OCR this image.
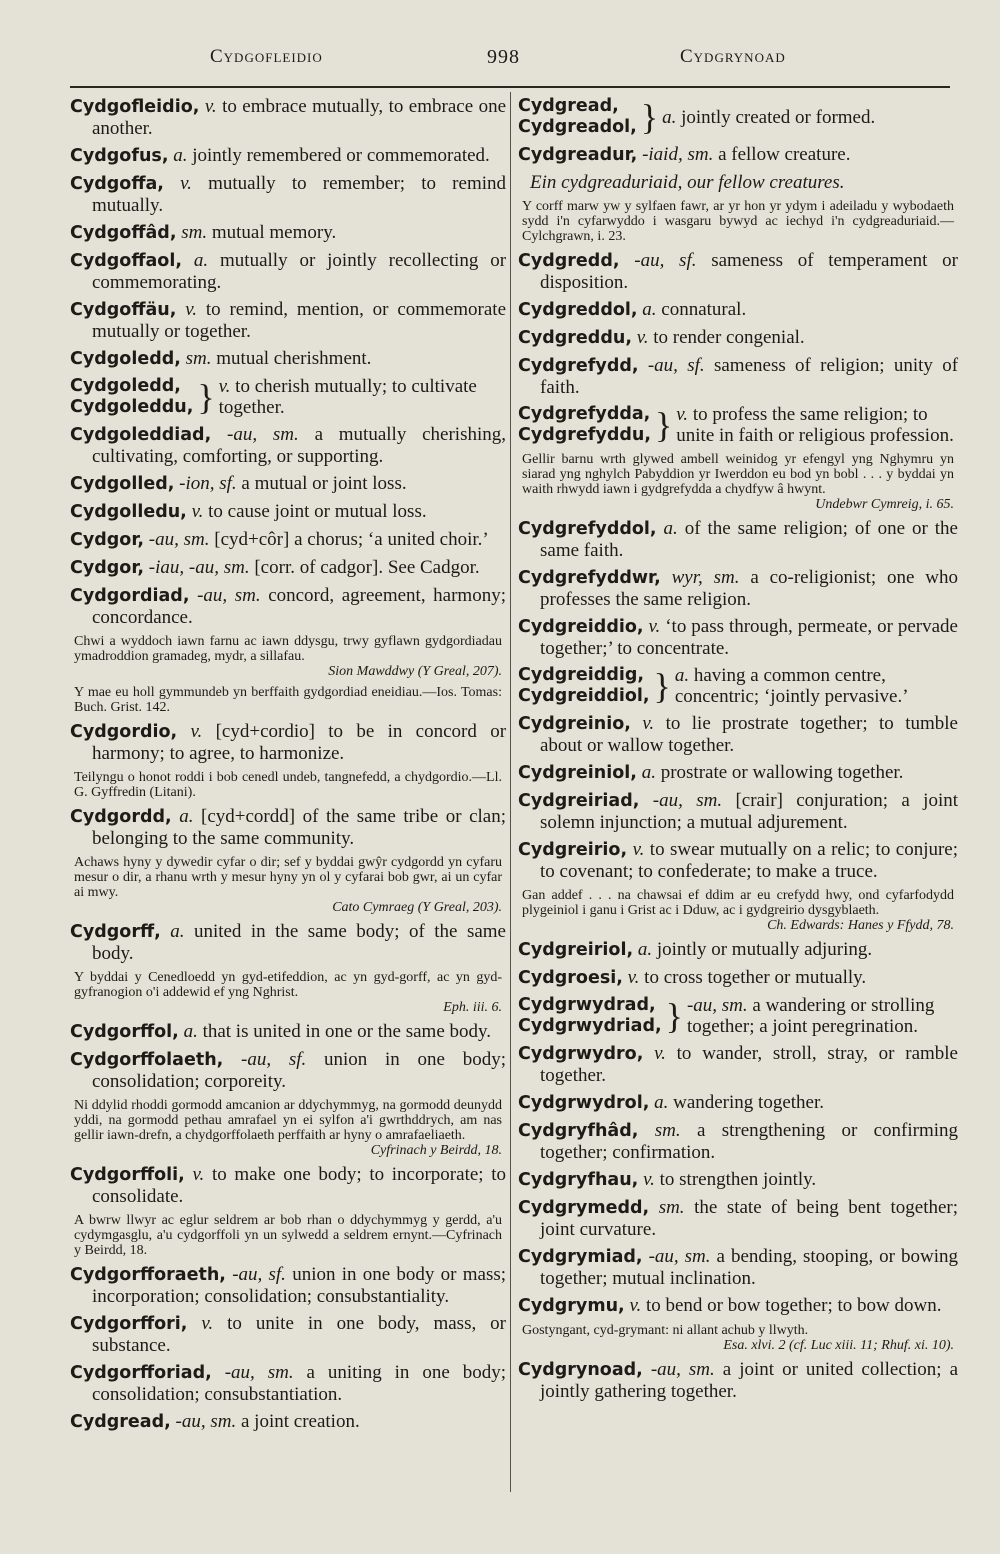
Cydgofleidio	998	Cydgrynoad
Cydgofleidio, v. to embrace mutually, to embrace one another.
Cydgofus, a. jointly remembered or commemorated.
Cydgoffa, v. mutually to remember; to remind mutually.
Cydgoffâd, sm. mutual memory.
Cydgoffaol, a. mutually or jointly recollecting or commemorating.
Cydgoffäu, v. to remind, mention, or commemorate mutually or together.
Cydgoledd, sm. mutual cherishment.
Cydgoledd,
Cydgoleddu, } v. to cherish mutually; to cultivate together.
Cydgoleddiad, -au, sm. a mutually cherishing, cultivating, comforting, or supporting.
Cydgolled, -ion, sf. a mutual or joint loss.
Cydgolledu, v. to cause joint or mutual loss.
Cydgor, -au, sm. [cyd+côr] a chorus; ‘a united choir.’
Cydgor, -iau, -au, sm. [corr. of cadgor]. See Cadgor.
Cydgordiad, -au, sm. concord, agreement, harmony; concordance.
Chwi a wyddoch iawn farnu ac iawn ddysgu, trwy gyflawn gydgordiadau ymadroddion gramadeg, mydr, a sillafau.
Sion Mawddwy (Y Greal, 207).
Y mae eu holl gymmundeb yn berffaith gydgordiad eneidiau.—Ios. Tomas: Buch. Grist. 142.
Cydgordio, v. [cyd+cordio] to be in concord or harmony; to agree, to harmonize.
Teilyngu o honot roddi i bob cenedl undeb, tangnefedd, a chydgordio.—Ll. G. Gyffredin (Litani).
Cydgordd, a. [cyd+cordd] of the same tribe or clan; belonging to the same community.
Achaws hyny y dywedir cyfar o dir; sef y byddai gwŷr cydgordd yn cyfaru mesur o dir, a rhanu wrth y mesur hyny yn ol y cyfarai bob gwr, ai un cyfar ai mwy.
Cato Cymraeg (Y Greal, 203).
Cydgorff, a. united in the same body; of the same body.
Y byddai y Cenedloedd yn gyd-etifeddion, ac yn gyd-gorff, ac yn gyd-gyfranogion o'i addewid ef yng Nghrist.
Eph. iii. 6.
Cydgorffol, a. that is united in one or the same body.
Cydgorffolaeth, -au, sf. union in one body; consolidation; corporeity.
Ni ddylid rhoddi gormodd amcanion ar ddychymmyg, na gormodd deunydd yddi, na gormodd pethau amrafael yn ei sylfon a'i gwrthddrych, am nas gellir iawn-drefn, a chydgorffolaeth perffaith ar hyny o amrafaeliaeth.
Cyfrinach y Beirdd, 18.
Cydgorffoli, v. to make one body; to incorporate; to consolidate.
A bwrw llwyr ac eglur seldrem ar bob rhan o ddychymmyg y gerdd, a'u cydymgasglu, a'u cydgorffoli yn un sylwedd a seldrem ernynt.—Cyfrinach y Beirdd, 18.
Cydgorfforaeth, -au, sf. union in one body or mass; incorporation; consolidation; consubstantiality.
Cydgorffori, v. to unite in one body, mass, or substance.
Cydgorfforiad, -au, sm. a uniting in one body; consolidation; consubstantiation.
Cydgread, -au, sm. a joint creation.
Cydgread,
Cydgreadol, } a. jointly created or formed.
Cydgreadur, -iaid, sm. a fellow creature.
Ein cydgreaduriaid, our fellow creatures.
Y corff marw yw y sylfaen fawr, ar yr hon yr ydym i adeiladu y wybodaeth sydd i'n cyfarwyddo i wasgaru bywyd ac iechyd i'n cydgreaduriaid.—Cylchgrawn, i. 23.
Cydgredd, -au, sf. sameness of temperament or disposition.
Cydgreddol, a. connatural.
Cydgreddu, v. to render congenial.
Cydgrefydd, -au, sf. sameness of religion; unity of faith.
Cydgrefydda,
Cydgrefyddu, } v. to profess the same religion; to unite in faith or religious profession.
Gellir barnu wrth glywed ambell weinidog yr efengyl yng Nghymru yn siarad yng nghylch Pabyddion yr Iwerddon eu bod yn bobl . . . y byddai yn waith rhwydd iawn i gydgrefydda a chydfyw â hwynt.
Undebwr Cymreig, i. 65.
Cydgrefyddol, a. of the same religion; of one or the same faith.
Cydgrefyddwr, wyr, sm. a co-religionist; one who professes the same religion.
Cydgreiddio, v. ‘to pass through, permeate, or pervade together;’ to concentrate.
Cydgreiddig,
Cydgreiddiol, } a. having a common centre, concentric; ‘jointly pervasive.’
Cydgreinio, v. to lie prostrate together; to tumble about or wallow together.
Cydgreiniol, a. prostrate or wallowing together.
Cydgreiriad, -au, sm. [crair] conjuration; a joint solemn injunction; a mutual adjurement.
Cydgreirio, v. to swear mutually on a relic; to conjure; to covenant; to confederate; to make a truce.
Gan addef . . . na chawsai ef ddim ar eu crefydd hwy, ond cyfarfodydd plygeiniol i ganu i Grist ac i Dduw, ac i gydgreirio dysgyblaeth.
Ch. Edwards: Hanes y Ffydd, 78.
Cydgreiriol, a. jointly or mutually adjuring.
Cydgroesi, v. to cross together or mutually.
Cydgrwydrad,
Cydgrwydriad, } -au, sm. a wandering or strolling together; a joint peregrination.
Cydgrwydro, v. to wander, stroll, stray, or ramble together.
Cydgrwydrol, a. wandering together.
Cydgryfhâd, sm. a strengthening or confirming together; confirmation.
Cydgryfhau, v. to strengthen jointly.
Cydgrymedd, sm. the state of being bent together; joint curvature.
Cydgrymiad, -au, sm. a bending, stooping, or bowing together; mutual inclination.
Cydgrymu, v. to bend or bow together; to bow down.
Gostyngant, cyd-grymant: ni allant achub y llwyth.
Esa. xlvi. 2 (cf. Luc xiii. 11; Rhuf. xi. 10).
Cydgrynoad, -au, sm. a joint or united collection; a jointly gathering together.
